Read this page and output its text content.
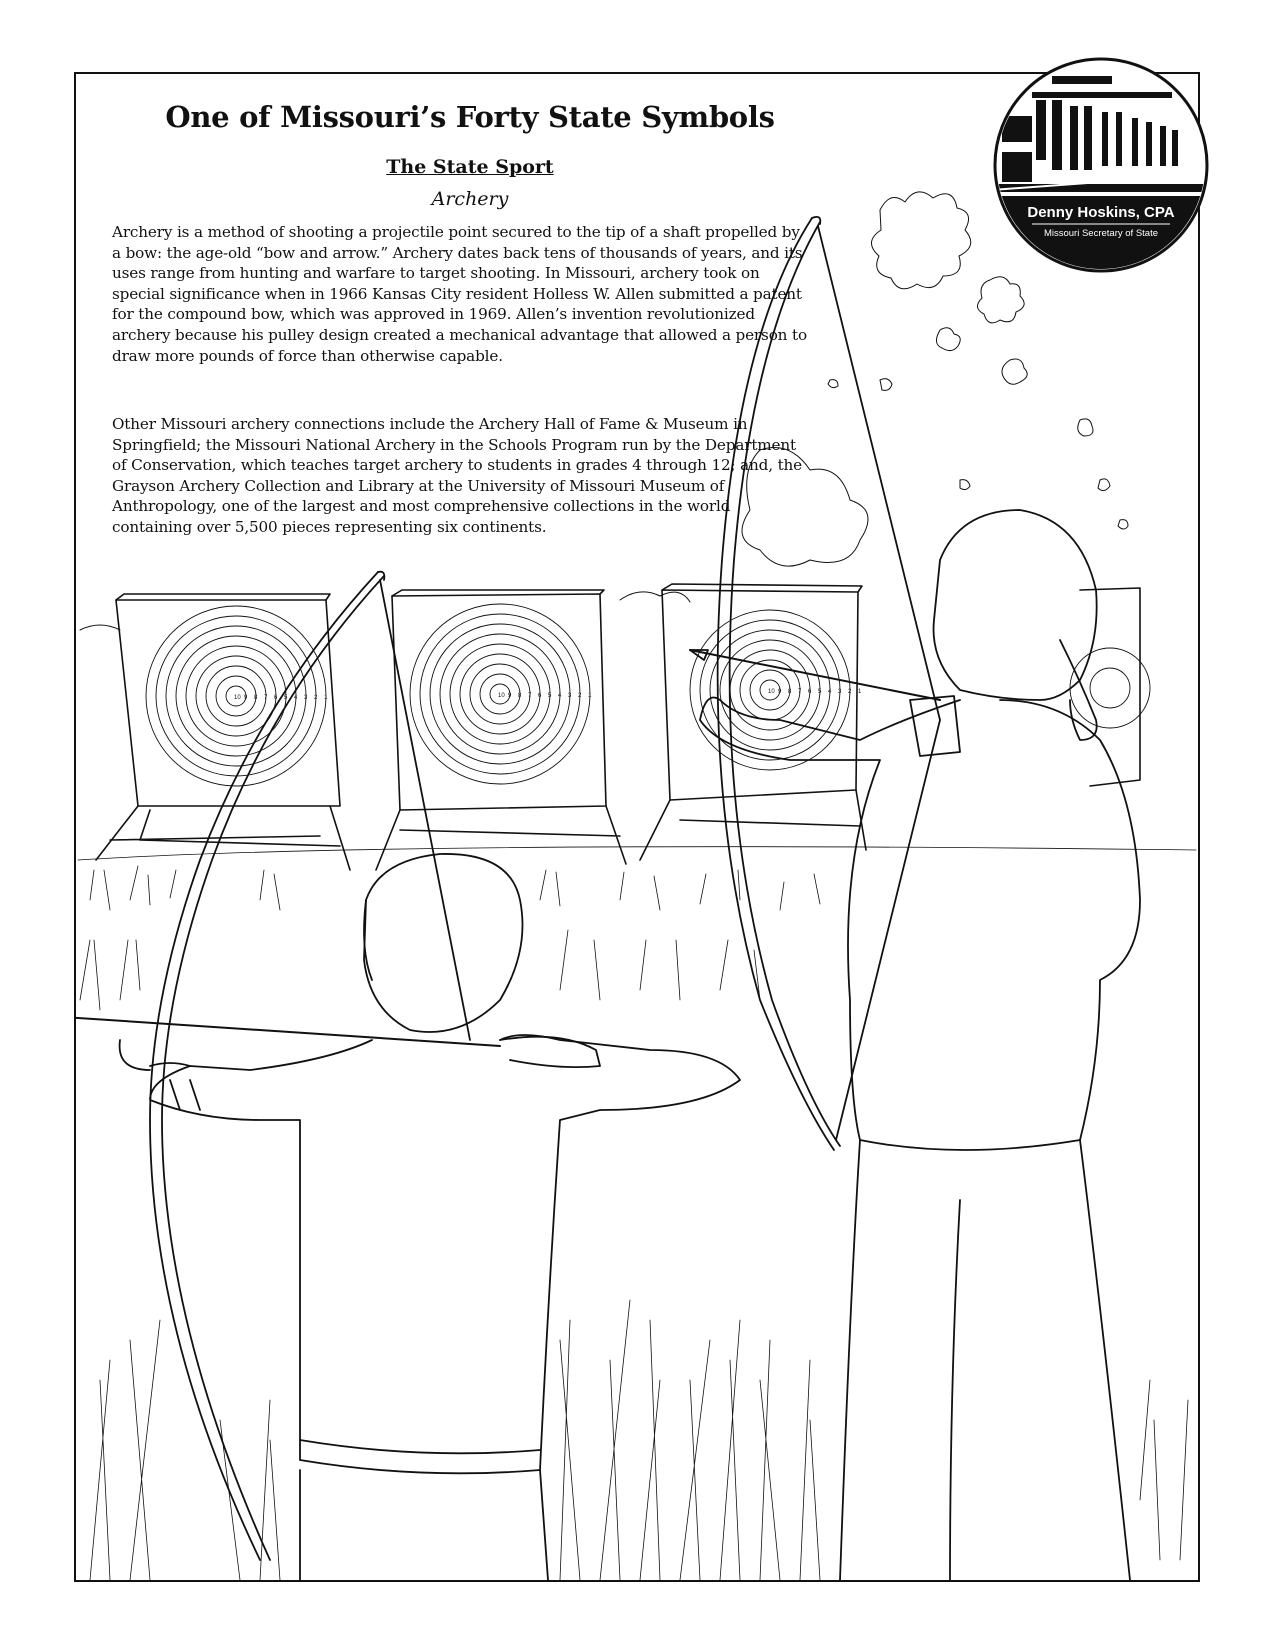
10 9 8 7 6 5 4 3 2 1	10 9 8 7 6 5 4 3 2 1
10 9 8 7 6 5 4 3 2 1
Denny Hoskins, CPA
Missouri Secretary of State
One of Missouri’s Forty State Symbols
The State Sport
Archery
Archery is a method of shooting a projectile point secured to the tip of a shaft propelled by a bow: the age-old “bow and arrow.” Archery dates back tens of thousands of years, and its uses range from hunting and warfare to target shooting. In Missouri, archery took on special significance when in 1966 Kansas City resident Holless W. Allen submitted a patent for the compound bow, which was approved in 1969. Allen’s invention revolutionized archery because his pulley design created a mechanical advantage that allowed a person to draw more pounds of force than otherwise capable.
Other Missouri archery connections include the Archery Hall of Fame & Museum in Springfield; the Missouri National Archery in the Schools Program run by the Department of Conservation, which teaches target archery to students in grades 4 through 12; and, the Grayson Archery Collection and Library at the University of Missouri Museum of Anthropology, one of the largest and most comprehensive collections in the world containing over 5,500 pieces representing six continents.
